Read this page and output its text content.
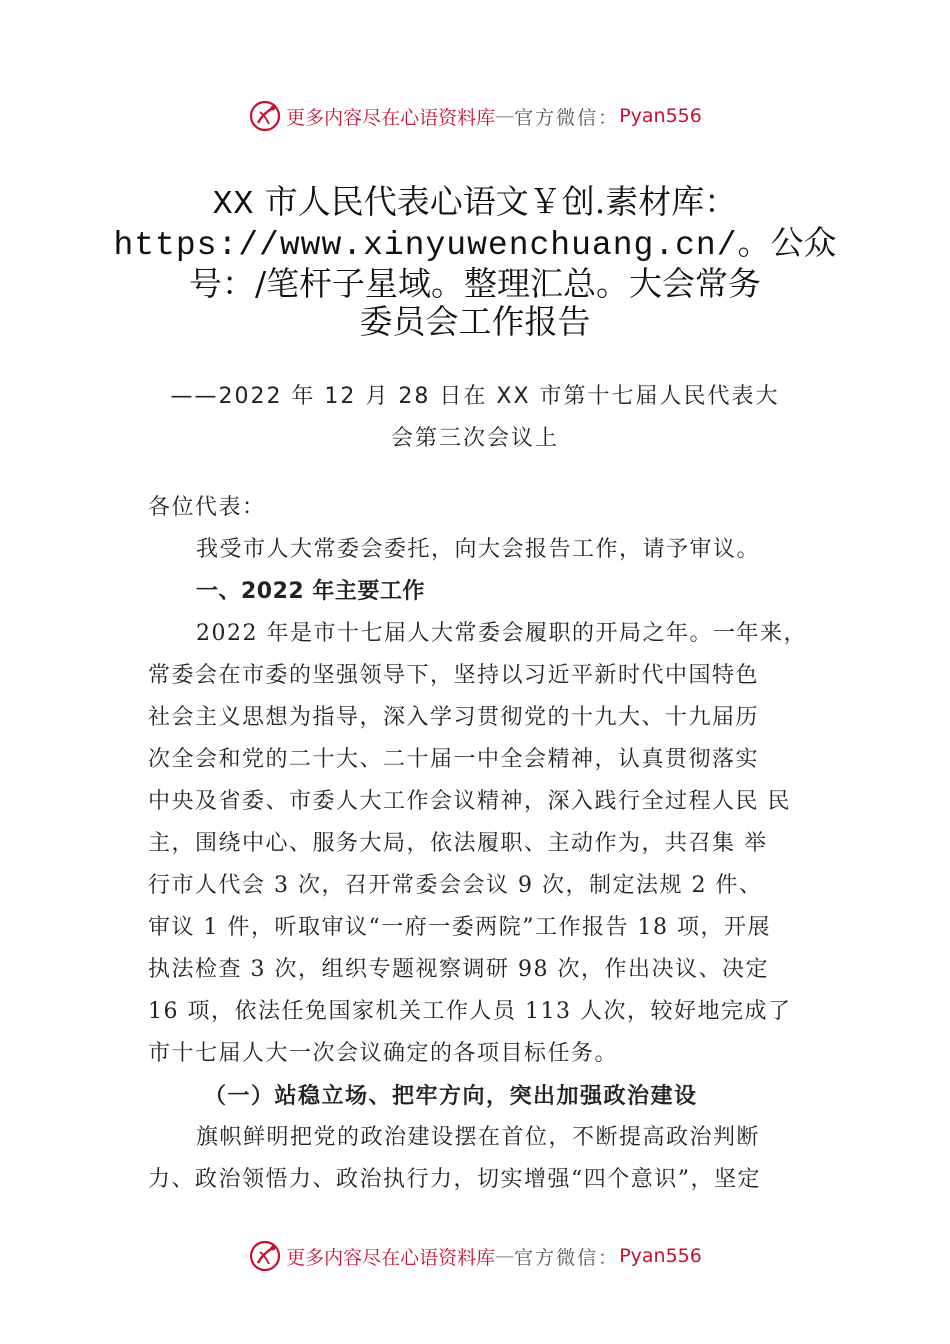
更多内容尽在心语资料库 — 官方微信： Pyan556
XX 市人民代表心语文￥创.素材库：
https://www.xinyuwenchuang.cn/。公众
号：/笔杆子星域。整理汇总。大会常务
委员会工作报告
——2022 年 12 月 28 日在 XX 市第十七届人民代表大
会第三次会议上
各位代表：
我受市人大常委会委托，向大会报告工作，请予审议。
一、2022 年主要工作
2022 年是市十七届人大常委会履职的开局之年。一年来，
常委会在市委的坚强领导下，坚持以习近平新时代中国特色
社会主义思想为指导，深入学习贯彻党的十九大、十九届历
次全会和党的二十大、二十届一中全会精神，认真贯彻落实
中央及省委、市委人大工作会议精神，深入践行全过程人民 民
主，围绕中心、服务大局，依法履职、主动作为，共召集 举
行市人代会 3 次，召开常委会会议 9 次，制定法规 2 件、
审议 1 件，听取审议“一府一委两院”工作报告 18 项，开展
执法检查 3 次，组织专题视察调研 98 次，作出决议、决定
16 项，依法任免国家机关工作人员 113 人次，较好地完成了
市十七届人大一次会议确定的各项目标任务。
（一）站稳立场、把牢方向，突出加强政治建设
旗帜鲜明把党的政治建设摆在首位，不断提高政治判断
力、政治领悟力、政治执行力，切实增强“四个意识”，坚定
更多内容尽在心语资料库 — 官方微信： Pyan556
